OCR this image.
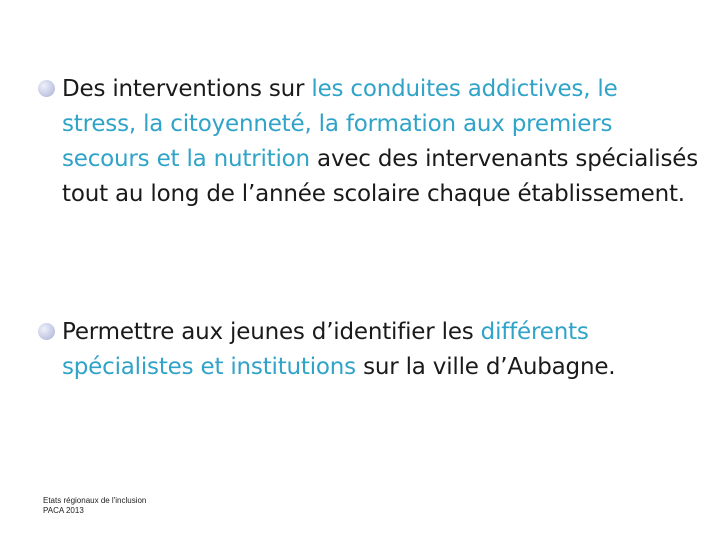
Des interventions sur les conduites addictives, le stress, la citoyenneté, la formation aux premiers secours et la nutrition avec des intervenants spécialisés tout au long de l’année scolaire chaque établissement.
Permettre aux jeunes d’identifier les différents spécialistes et institutions sur la ville d’Aubagne.
Etats régionaux de l'inclusion
PACA 2013
